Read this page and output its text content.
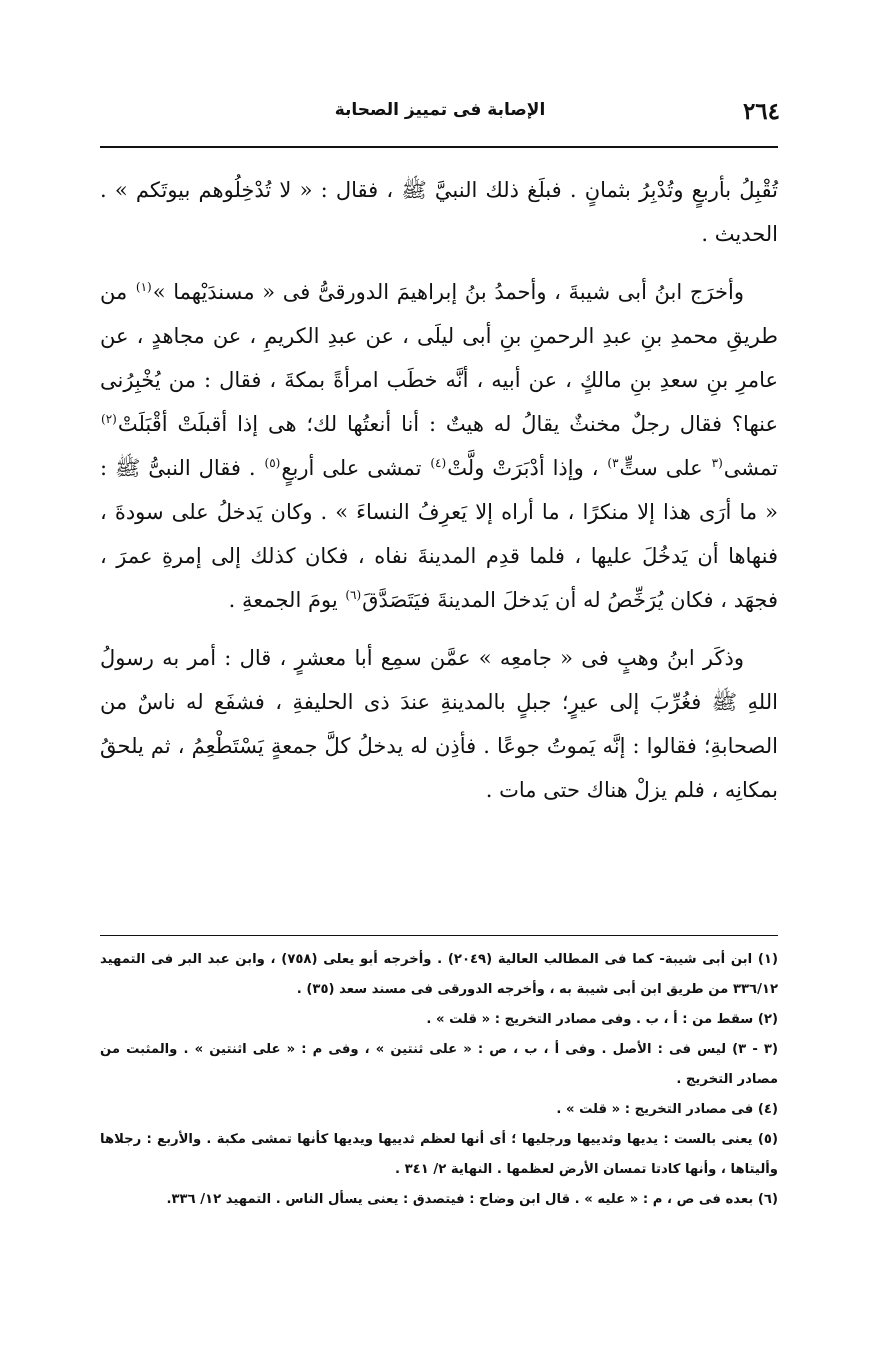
٢٦٤
الإصابة فى تمييز الصحابة

تُقْبِلُ بأربعٍ وتُدْبِرُ بثمانٍ . فبلَغ ذلك النبيَّ ﷺ ، فقال : « لا تُدْخِلُوهم بيوتَكم » . الحديث .

وأخرَج ابنُ أبى شيبةَ ، وأحمدُ بنُ إبراهيمَ الدورقىُّ فى « مسندَيْهما »$^{(١)}$ من طريقِ محمدِ بنِ عبدِ الرحمنِ بنِ أبى ليلَى ، عن عبدِ الكريمِ ، عن مجاهدٍ ، عن عامرِ بنِ سعدِ بنِ مالكٍ ، عن أبيه ، أنَّه خطَب امرأةً بمكةَ ، فقال : من يُخْبِرُنى عنها؟ فقال رجلٌ مخنثٌ يقالُ له هيتٌ : أنا أنعتُها لك؛ هى إذا أقبلَتْ أقْبَلَتْ$^{(٢)}$ تمشى$^{(٣}$ على ستٍّ$^{٣)}$ ، وإذا أدْبَرَتْ ولَّتْ$^{(٤)}$ تمشى على أربعٍ$^{(٥)}$ . فقال النبىُّ ﷺ : « ما أرَى هذا إلا منكرًا ، ما أراه إلا يَعرِفُ النساءَ » . وكان يَدخلُ على سودةَ ، فنهاها أن يَدخُلَ عليها ، فلما قدِم المدينةَ نفاه ، فكان كذلك إلى إمرةِ عمرَ ، فجهَد ، فكان يُرَخِّصُ له أن يَدخلَ المدينةَ فيَتَصَدَّقَ$^{(٦)}$ يومَ الجمعةِ .

وذكَر ابنُ وهبٍ فى « جامعِه » عمَّن سمِع أبا معشرٍ ، قال : أمر به رسولُ اللهِ ﷺ فغُرِّبَ إلى عيرٍ؛ جبلٍ بالمدينةِ عندَ ذى الحليفةِ ، فشفَع له ناسٌ من الصحابةِ؛ فقالوا : إنَّه يَموتُ جوعًا . فأذِن له يدخلُ كلَّ جمعةٍ يَسْتَطْعِمُ ، ثم يلحقُ بمكانِه ، فلم يزلْ هناك حتى مات .

(١) ابن أبى شيبة- كما فى المطالب العالية (٢٠٤٩) . وأخرجه أبو يعلى (٧٥٨) ، وابن عبد البر فى التمهيد ٣٣٦/١٢ من طريق ابن أبى شيبة به ، وأخرجه الدورقى فى مسند سعد (٣٥) .

(٢) سقط من : أ ، ب . وفى مصادر التخريج : « قلت » .

(٣ - ٣) ليس فى : الأصل . وفى أ ، ب ، ص : « على ثنتين » ، وفى م : « على اثنتين » . والمثبت من مصادر التخريج .

(٤) فى مصادر التخريج : « قلت » .

(٥) يعنى بالست : يديها وثدييها ورجليها ؛ أى أنها لعظم ثدييها ويديها كأنها تمشى مكبة . والأربع : رجلاها وأليتاها ، وأنها كادتا تمسان الأرض لعظمها . النهاية ٢/ ٣٤١ .

(٦) بعده فى ص ، م : « عليه » . قال ابن وضاح : فيتصدق : يعنى يسأل الناس . التمهيد ١٢/ ٣٣٦.
